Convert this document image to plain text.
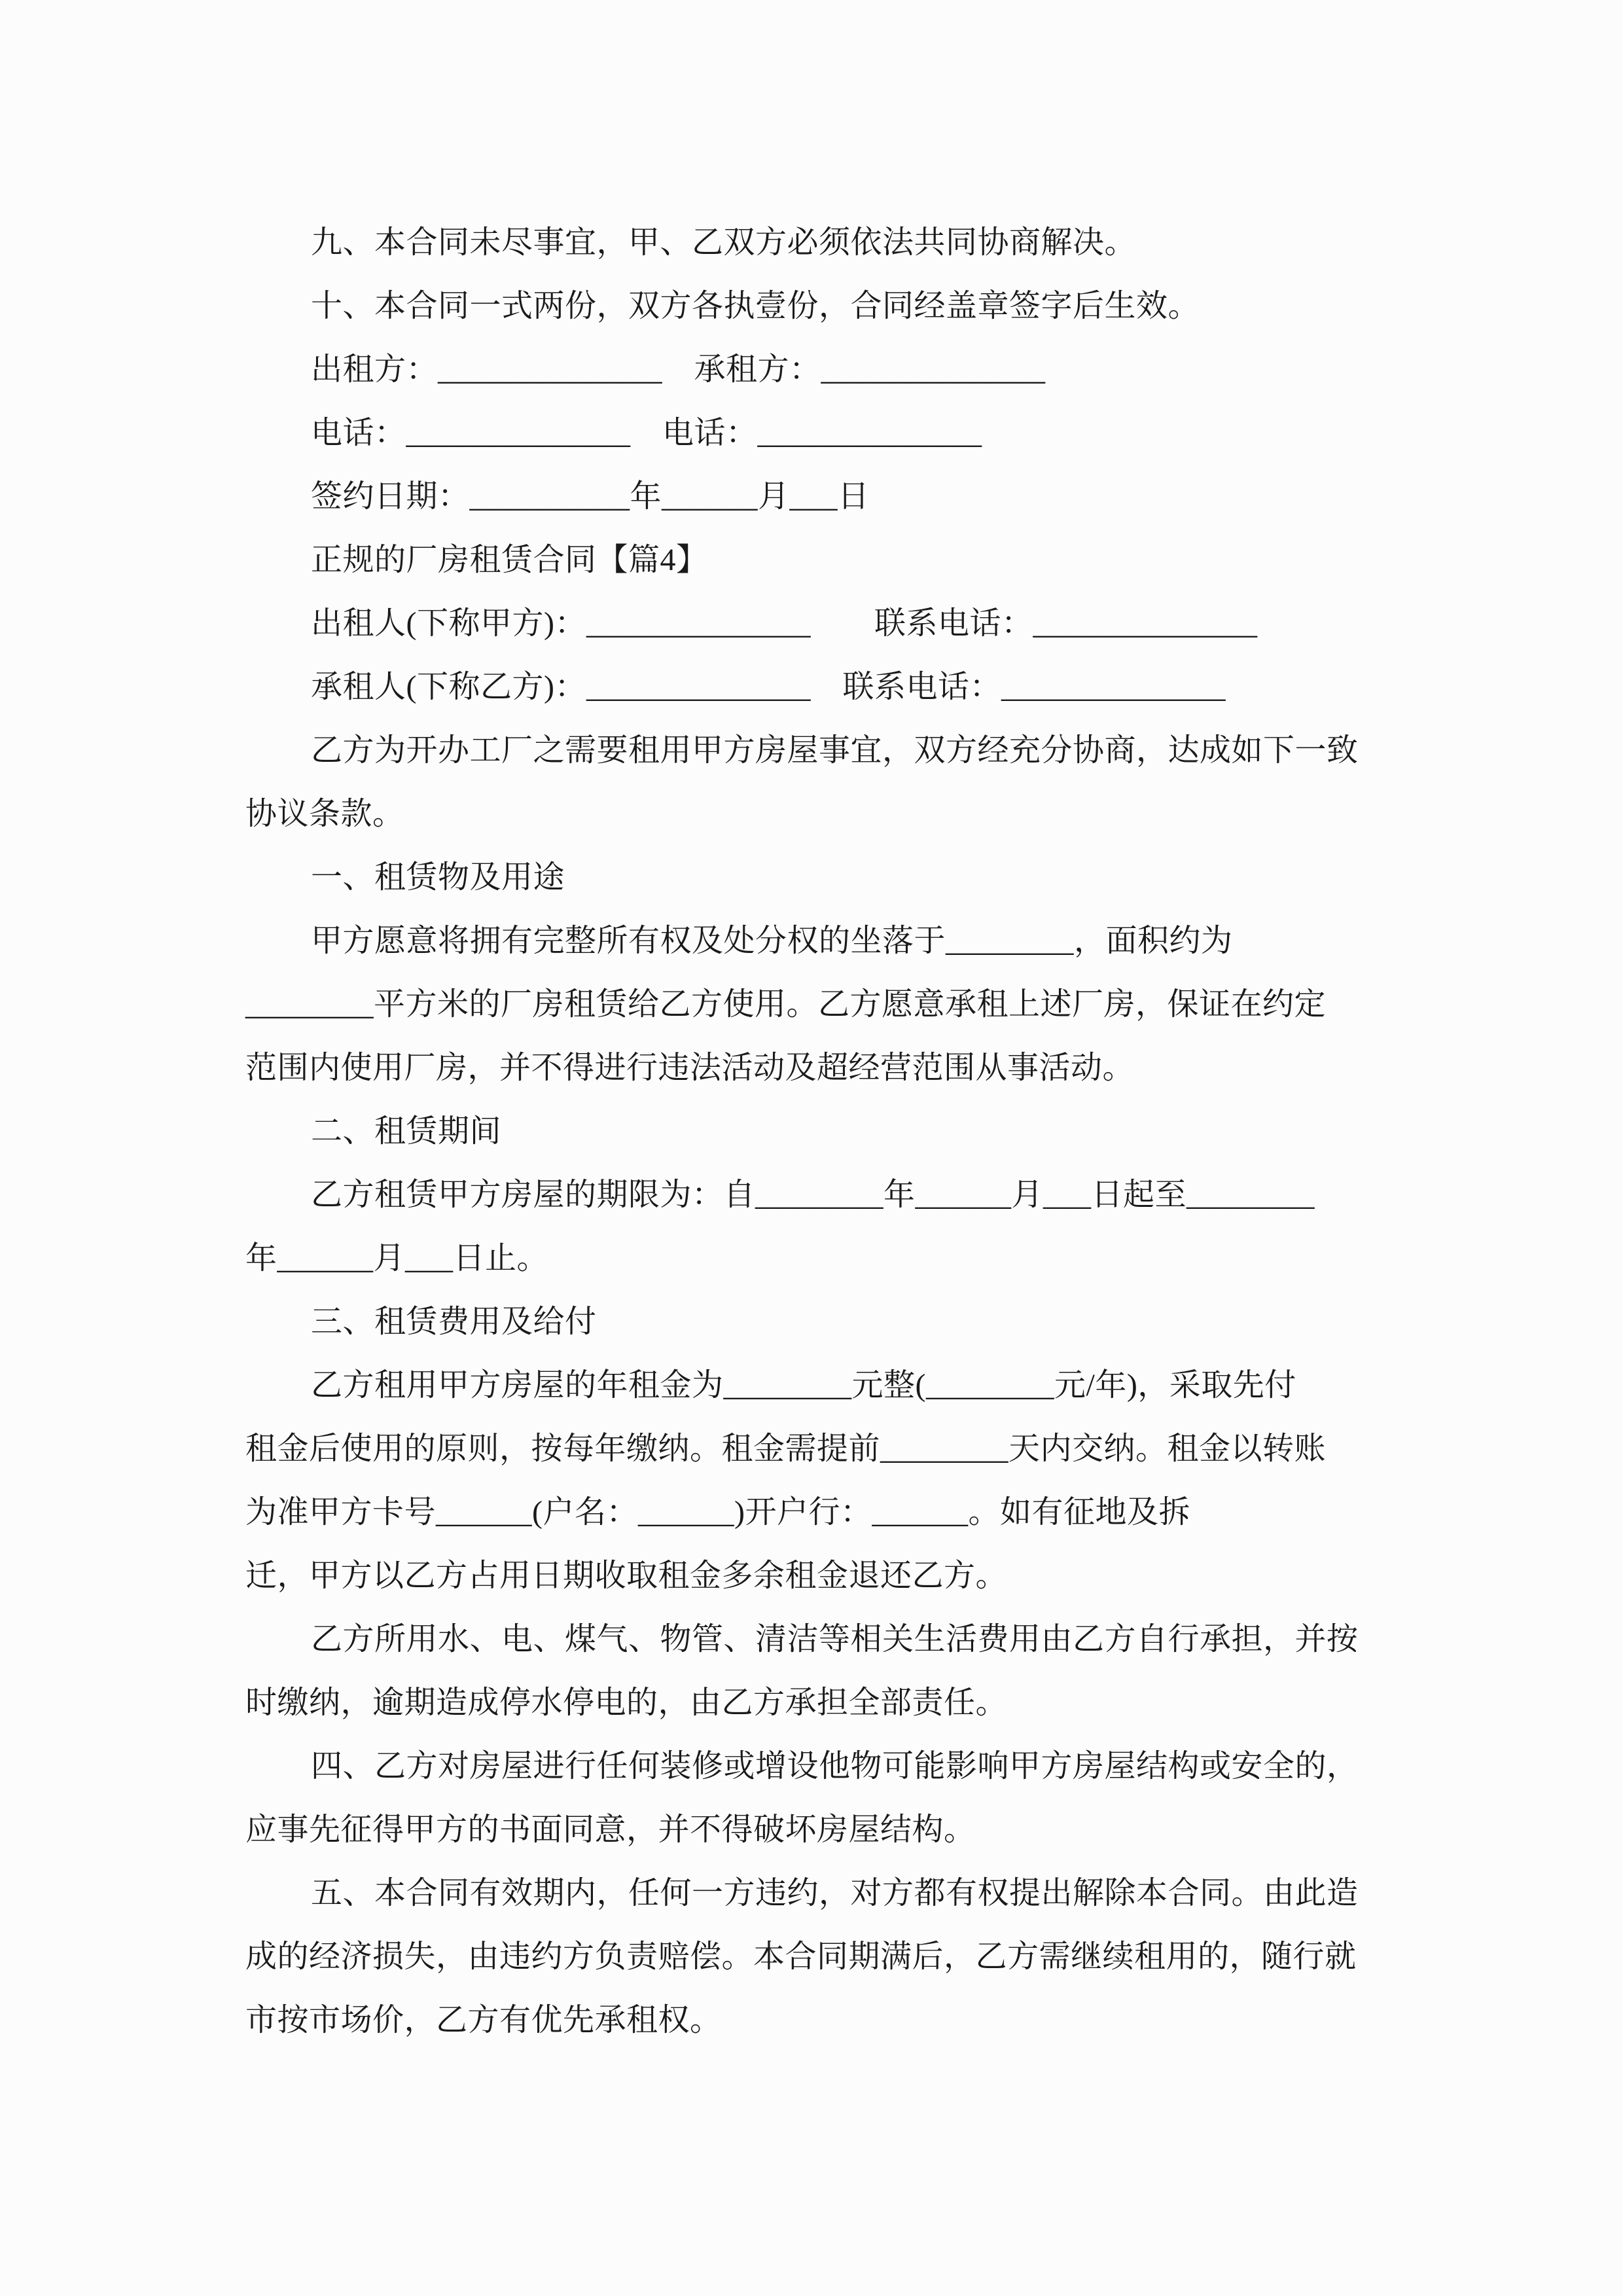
九、本合同未尽事宜，甲、乙双方必须依法共同协商解决。

十、本合同一式两份，双方各执壹份，合同经盖章签字后生效。

出租方：______________　承租方：______________

电话：______________　电话：______________

签约日期：__________年______月___日

正规的厂房租赁合同【篇4】

出租人(下称甲方)：______________　　联系电话：______________

承租人(下称乙方)：______________　联系电话：______________

乙方为开办工厂之需要租用甲方房屋事宜，双方经充分协商，达成如下一致

协议条款。

一、租赁物及用途

甲方愿意将拥有完整所有权及处分权的坐落于________，面积约为

________平方米的厂房租赁给乙方使用。乙方愿意承租上述厂房，保证在约定

范围内使用厂房，并不得进行违法活动及超经营范围从事活动。

二、租赁期间

乙方租赁甲方房屋的期限为：自________年______月___日起至________

年______月___日止。

三、租赁费用及给付

乙方租用甲方房屋的年租金为________元整(________元/年)，采取先付

租金后使用的原则，按每年缴纳。租金需提前________天内交纳。租金以转账

为准甲方卡号______(户名：______)开户行：______。如有征地及拆

迁，甲方以乙方占用日期收取租金多余租金退还乙方。

乙方所用水、电、煤气、物管、清洁等相关生活费用由乙方自行承担，并按

时缴纳，逾期造成停水停电的，由乙方承担全部责任。

四、乙方对房屋进行任何装修或增设他物可能影响甲方房屋结构或安全的，

应事先征得甲方的书面同意，并不得破坏房屋结构。

五、本合同有效期内，任何一方违约，对方都有权提出解除本合同。由此造

成的经济损失，由违约方负责赔偿。本合同期满后，乙方需继续租用的，随行就

市按市场价，乙方有优先承租权。
